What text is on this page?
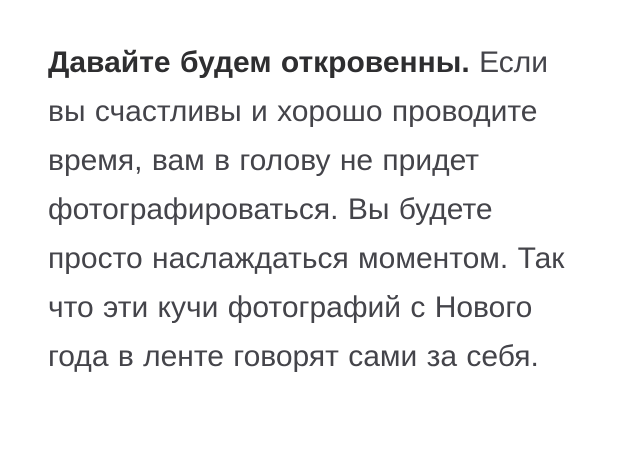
Давайте будем откровенны. Если вы счастливы и хорошо проводите время, вам в голову не придет фотографироваться. Вы будете просто наслаждаться моментом. Так что эти кучи фотографий с Нового года в ленте говорят сами за себя.
